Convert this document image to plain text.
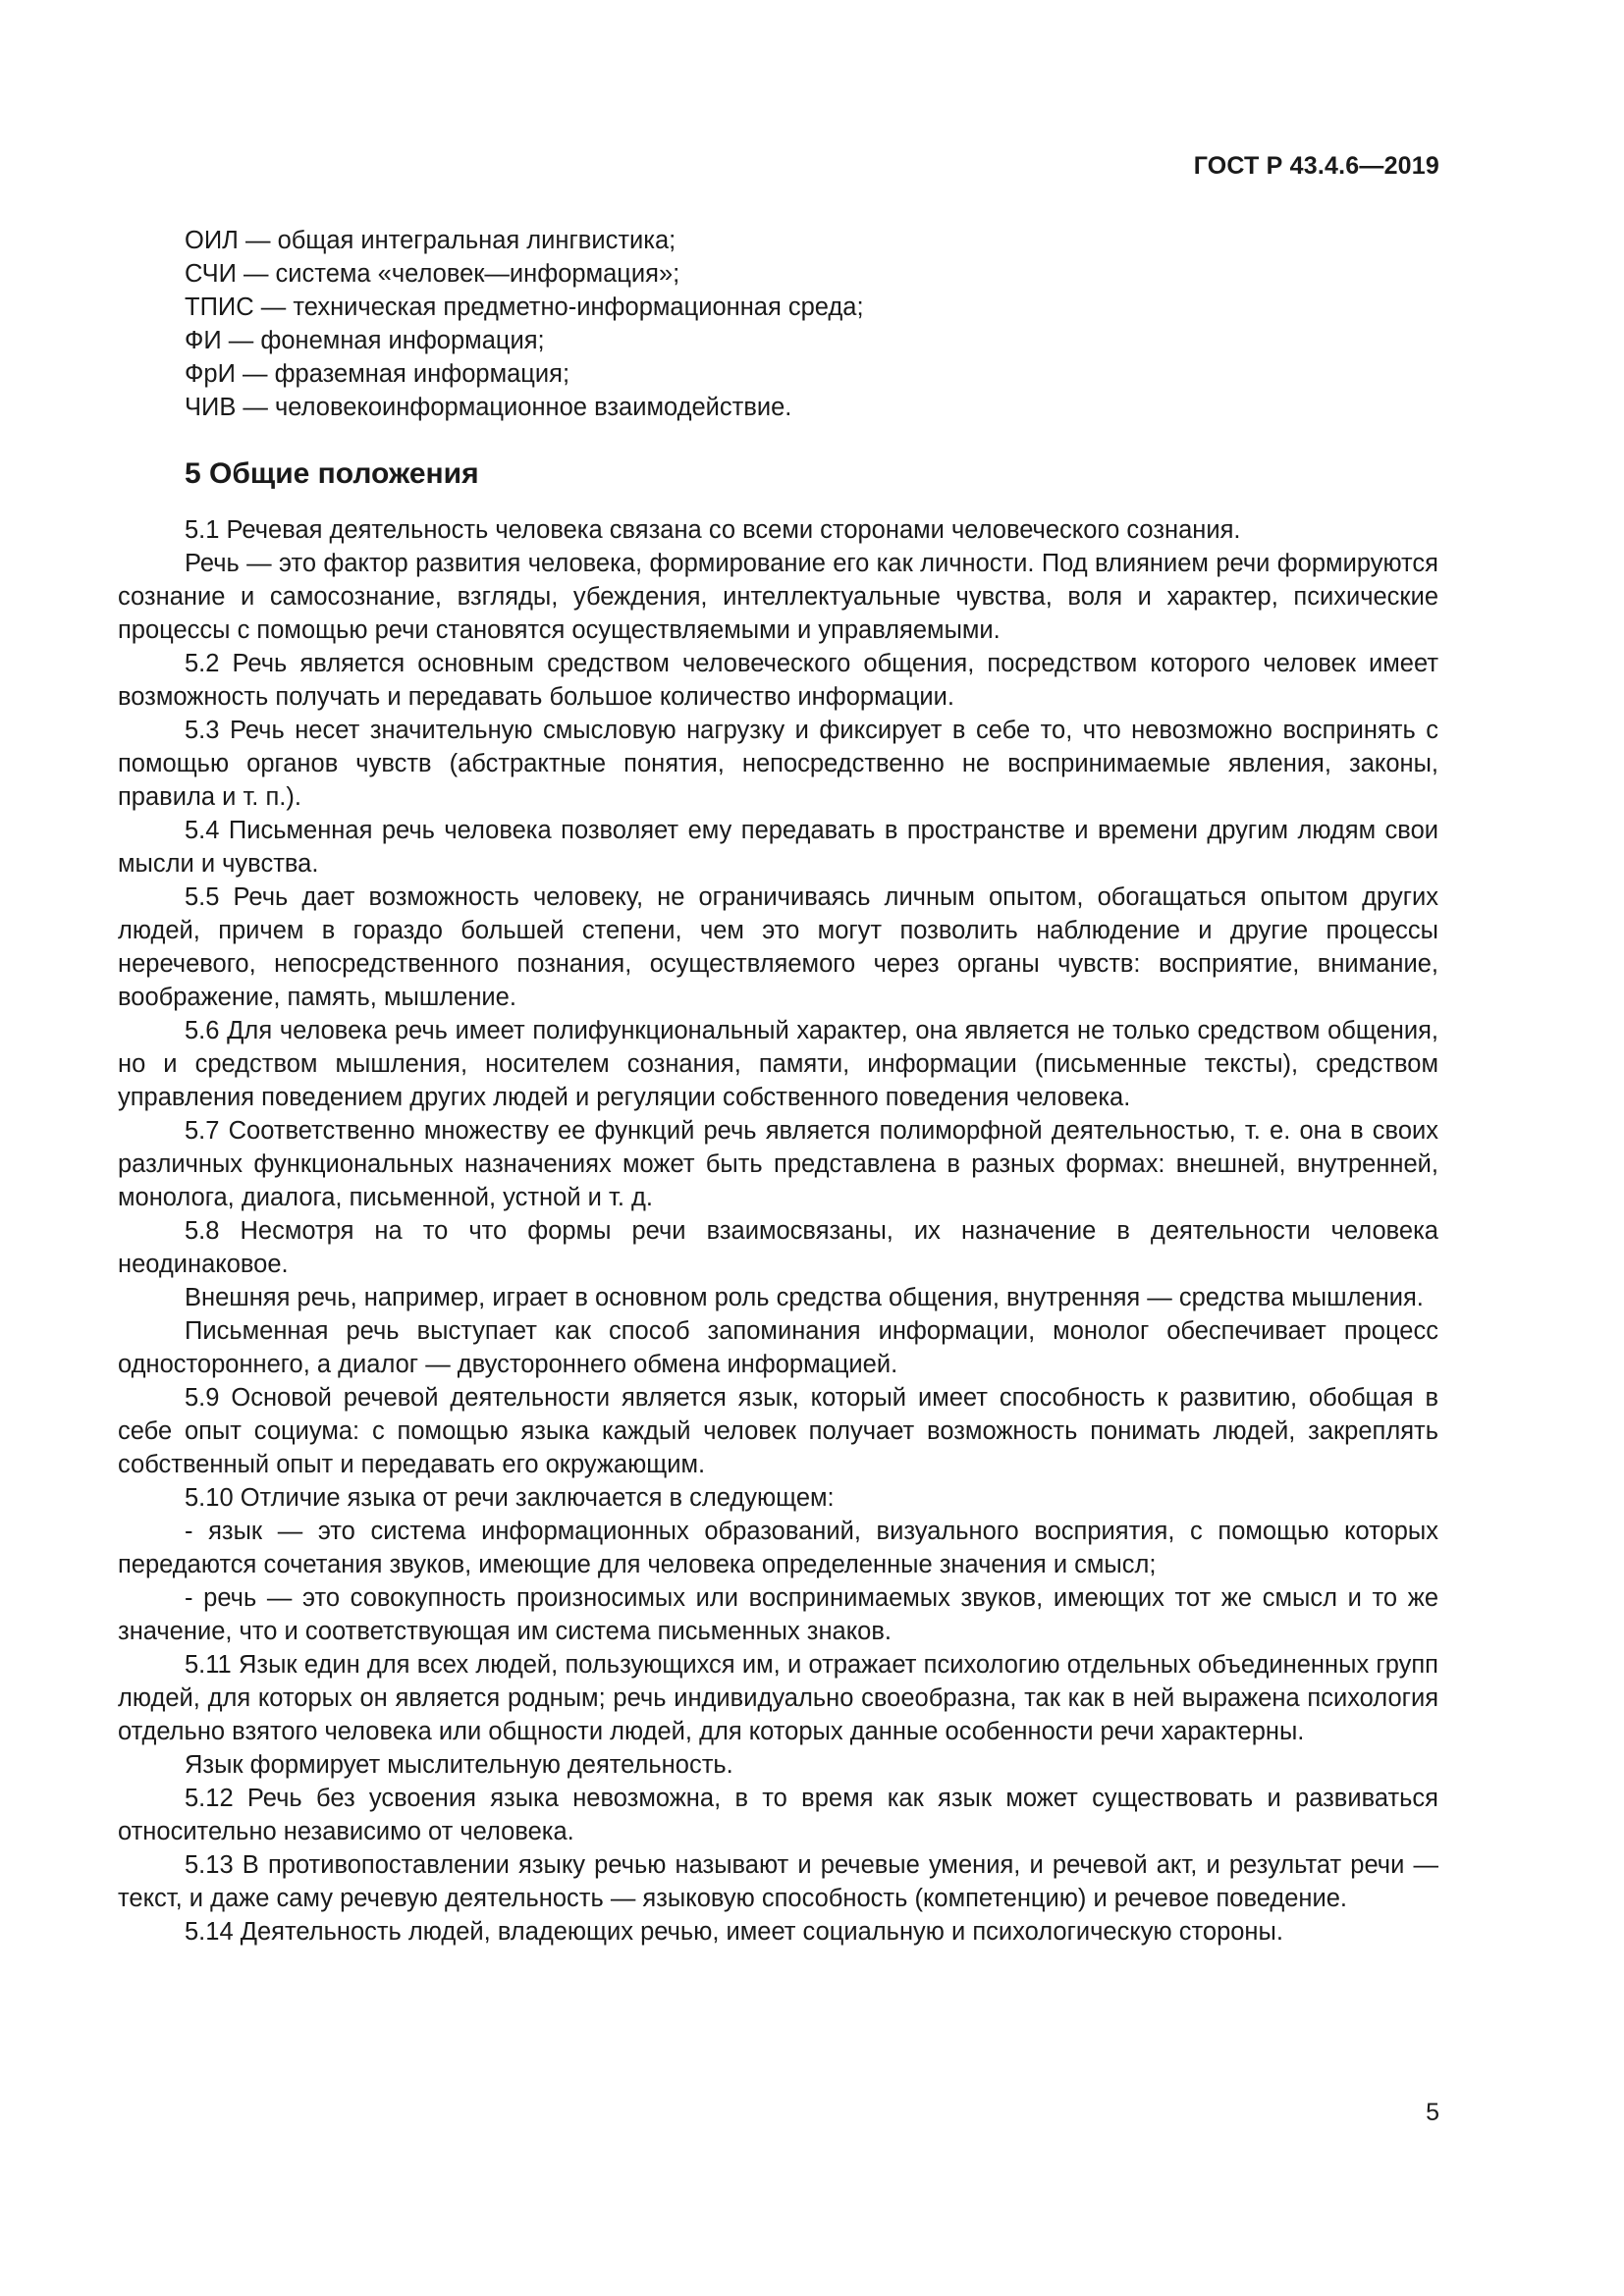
ГОСТ Р 43.4.6—2019
ОИЛ — общая интегральная лингвистика;
СЧИ — система «человек—информация»;
ТПИС — техническая предметно-информационная среда;
ФИ — фонемная информация;
ФрИ — фраземная информация;
ЧИВ — человекоинформационное взаимодействие.
5 Общие положения

5.1 Речевая деятельность человека связана со всеми сторонами человеческого сознания.

Речь — это фактор развития человека, формирование его как личности. Под влиянием речи формируются сознание и самосознание, взгляды, убеждения, интеллектуальные чувства, воля и характер, психические процессы с помощью речи становятся осуществляемыми и управляемыми.

5.2 Речь является основным средством человеческого общения, посредством которого человек имеет возможность получать и передавать большое количество информации.

5.3 Речь несет значительную смысловую нагрузку и фиксирует в себе то, что невозможно воспринять с помощью органов чувств (абстрактные понятия, непосредственно не воспринимаемые явления, законы, правила и т. п.).

5.4 Письменная речь человека позволяет ему передавать в пространстве и времени другим людям свои мысли и чувства.

5.5 Речь дает возможность человеку, не ограничиваясь личным опытом, обогащаться опытом других людей, причем в гораздо большей степени, чем это могут позволить наблюдение и другие процессы неречевого, непосредственного познания, осуществляемого через органы чувств: восприятие, внимание, воображение, память, мышление.

5.6 Для человека речь имеет полифункциональный характер, она является не только средством общения, но и средством мышления, носителем сознания, памяти, информации (письменные тексты), средством управления поведением других людей и регуляции собственного поведения человека.

5.7 Соответственно множеству ее функций речь является полиморфной деятельностью, т. е. она в своих различных функциональных назначениях может быть представлена в разных формах: внешней, внутренней, монолога, диалога, письменной, устной и т. д.

5.8 Несмотря на то что формы речи взаимосвязаны, их назначение в деятельности человека неодинаковое.

Внешняя речь, например, играет в основном роль средства общения, внутренняя — средства мышления.

Письменная речь выступает как способ запоминания информации, монолог обеспечивает процесс одностороннего, а диалог — двустороннего обмена информацией.

5.9 Основой речевой деятельности является язык, который имеет способность к развитию, обобщая в себе опыт социума: с помощью языка каждый человек получает возможность понимать людей, закреплять собственный опыт и передавать его окружающим.

5.10 Отличие языка от речи заключается в следующем:

- язык — это система информационных образований, визуального восприятия, с помощью которых передаются сочетания звуков, имеющие для человека определенные значения и смысл;

- речь — это совокупность произносимых или воспринимаемых звуков, имеющих тот же смысл и то же значение, что и соответствующая им система письменных знаков.

5.11 Язык един для всех людей, пользующихся им, и отражает психологию отдельных объединенных групп людей, для которых он является родным; речь индивидуально своеобразна, так как в ней выражена психология отдельно взятого человека или общности людей, для которых данные особенности речи характерны.

Язык формирует мыслительную деятельность.

5.12 Речь без усвоения языка невозможна, в то время как язык может существовать и развиваться относительно независимо от человека.

5.13 В противопоставлении языку речью называют и речевые умения, и речевой акт, и результат речи — текст, и даже саму речевую деятельность — языковую способность (компетенцию) и речевое поведение.

5.14 Деятельность людей, владеющих речью, имеет социальную и психологическую стороны.

5
